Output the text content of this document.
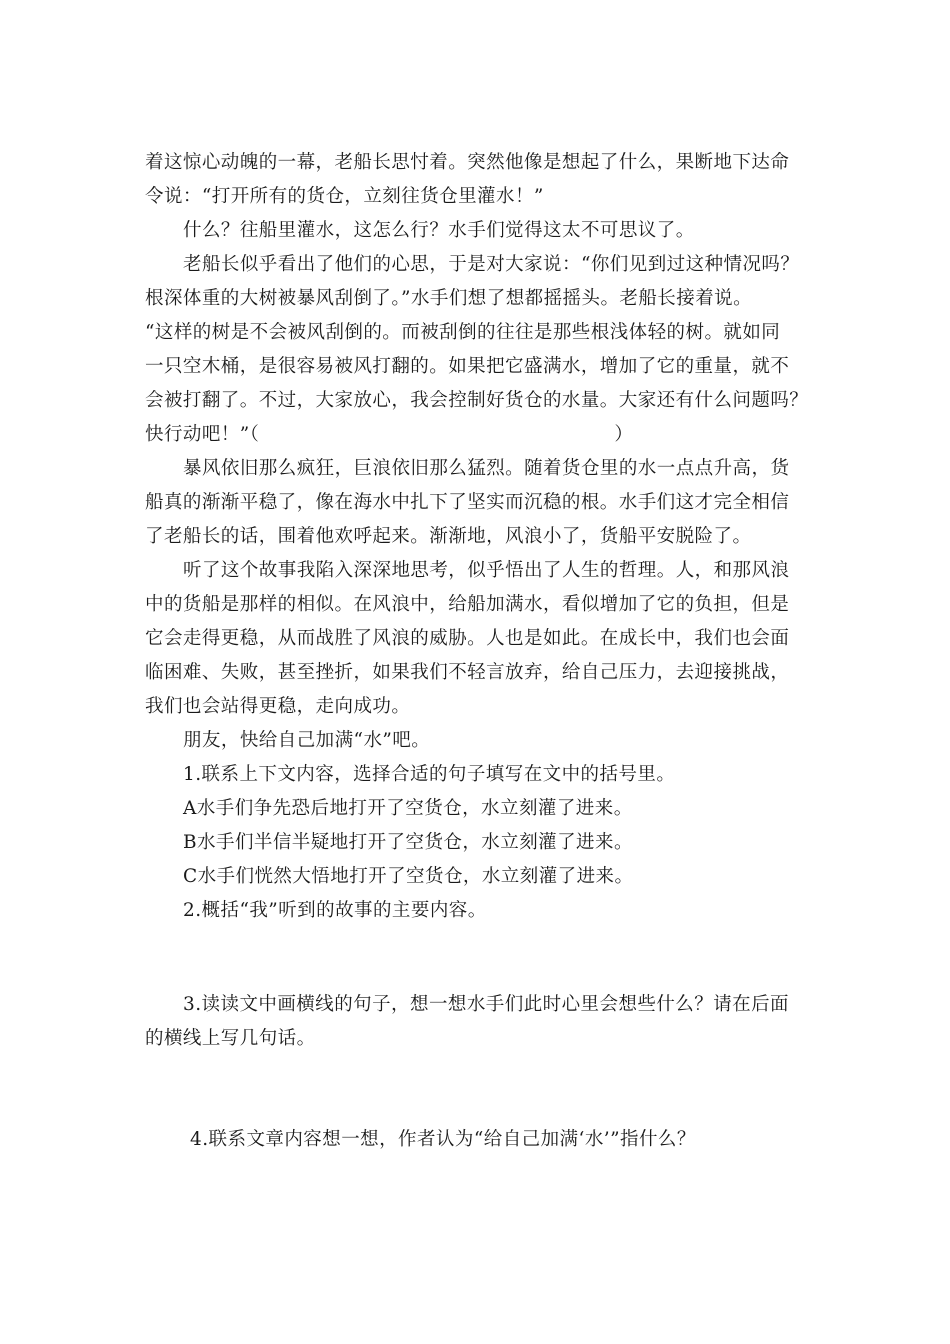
着这惊心动魄的一幕，老船长思忖着。突然他像是想起了什么，果断地下达命
令说：“打开所有的货仓，立刻往货仓里灌水！”
什么？往船里灌水，这怎么行？水手们觉得这太不可思议了。
老船长似乎看出了他们的心思，于是对大家说：“你们见到过这种情况吗？
根深体重的大树被暴风刮倒了。”水手们想了想都摇摇头。老船长接着说。
“这样的树是不会被风刮倒的。而被刮倒的往往是那些根浅体轻的树。就如同
一只空木桶，是很容易被风打翻的。如果把它盛满水，增加了它的重量，就不
会被打翻了。不过，大家放心，我会控制好货仓的水量。大家还有什么问题吗？
快行动吧！”（	）
暴风依旧那么疯狂，巨浪依旧那么猛烈。随着货仓里的水一点点升高，货
船真的渐渐平稳了，像在海水中扎下了坚实而沉稳的根。水手们这才完全相信
了老船长的话，围着他欢呼起来。渐渐地，风浪小了，货船平安脱险了。
听了这个故事我陷入深深地思考，似乎悟出了人生的哲理。人，和那风浪
中的货船是那样的相似。在风浪中，给船加满水，看似增加了它的负担，但是
它会走得更稳，从而战胜了风浪的威胁。人也是如此。在成长中，我们也会面
临困难、失败，甚至挫折，如果我们不轻言放弃，给自己压力，去迎接挑战，
我们也会站得更稳，走向成功。
朋友，快给自己加满“水”吧。
1.联系上下文内容，选择合适的句子填写在文中的括号里。
A水手们争先恐后地打开了空货仓，水立刻灌了进来。
B水手们半信半疑地打开了空货仓，水立刻灌了进来。
C水手们恍然大悟地打开了空货仓，水立刻灌了进来。
2.概括“我”听到的故事的主要内容。
3.读读文中画横线的句子，想一想水手们此时心里会想些什么？请在后面
的横线上写几句话。
4.联系文章内容想一想，作者认为“给自己加满‘水’”指什么？
